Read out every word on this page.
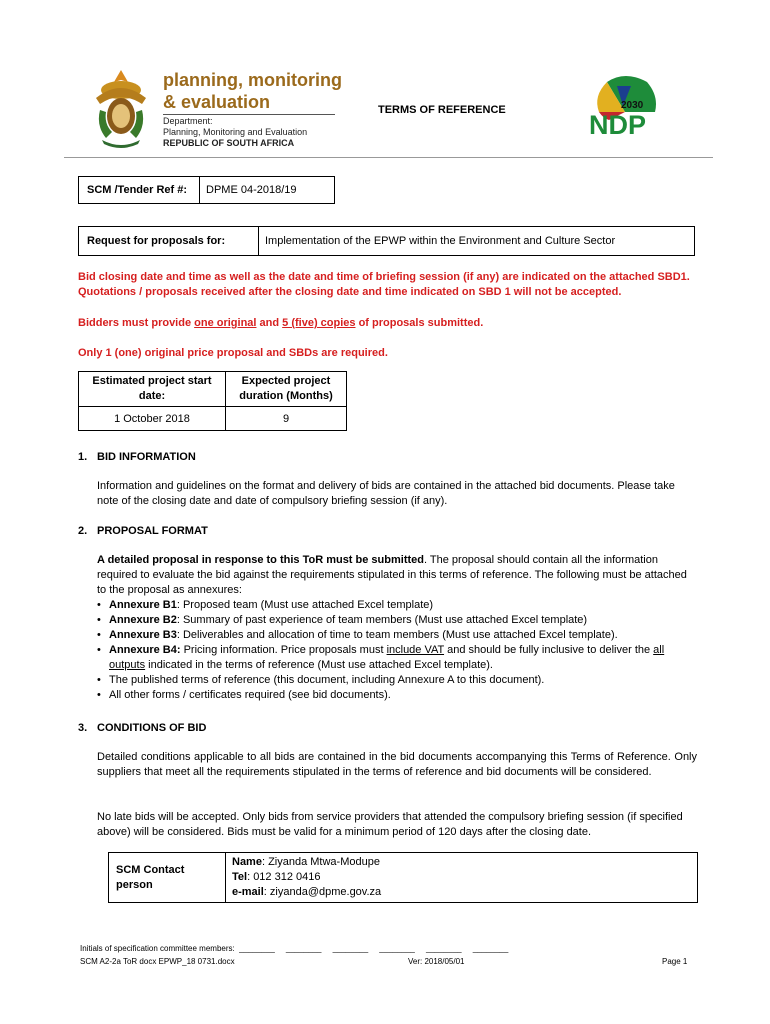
planning, monitoring
& evaluation
Department:
Planning, Monitoring and Evaluation
REPUBLIC OF SOUTH AFRICA
TERMS OF REFERENCE	2030
NDP
SCM /Tender Ref #:	DPME 04-2018/19
Request for proposals for:	Implementation of the EPWP within the Environment and Culture Sector
Bid closing date and time as well as the date and time of briefing session (if any) are indicated on the attached SBD1. Quotations / proposals received after the closing date and time indicated on SBD 1 will not be accepted.
Bidders must provide one original and 5 (five) copies of proposals submitted.
Only 1 (one) original price proposal and SBDs are required.
Estimated project start date:	Expected project duration (Months)
1 October 2018	9
1. BID INFORMATION
Information and guidelines on the format and delivery of bids are contained in the attached bid documents. Please take note of the closing date and date of compulsory briefing session (if any).
2. PROPOSAL FORMAT
A detailed proposal in response to this ToR must be submitted. The proposal should contain all the information required to evaluate the bid against the requirements stipulated in this terms of reference. The following must be attached to the proposal as annexures:
• Annexure B1: Proposed team (Must use attached Excel template)
• Annexure B2: Summary of past experience of team members (Must use attached Excel template)
• Annexure B3: Deliverables and allocation of time to team members (Must use attached Excel template).
• Annexure B4: Pricing information. Price proposals must include VAT and should be fully inclusive to deliver the all outputs indicated in the terms of reference (Must use attached Excel template).
• The published terms of reference (this document, including Annexure A to this document).
• All other forms / certificates required (see bid documents).
3. CONDITIONS OF BID
Detailed conditions applicable to all bids are contained in the bid documents accompanying this Terms of Reference. Only suppliers that meet all the requirements stipulated in the terms of reference and bid documents will be considered.
No late bids will be accepted. Only bids from service providers that attended the compulsory briefing session (if specified above) will be considered. Bids must be valid for a minimum period of 120 days after the closing date.
SCM Contact person	
Name: Ziyanda Mtwa-Modupe
Tel: 012 312 0416
e-mail: ziyanda@dpme.gov.za
Initials of specification committee members:  ________     ________     ________     ________     ________     ________
SCM A2-2a ToR docx EPWP_18 0731.docx	Ver: 2018/05/01	Page 1
